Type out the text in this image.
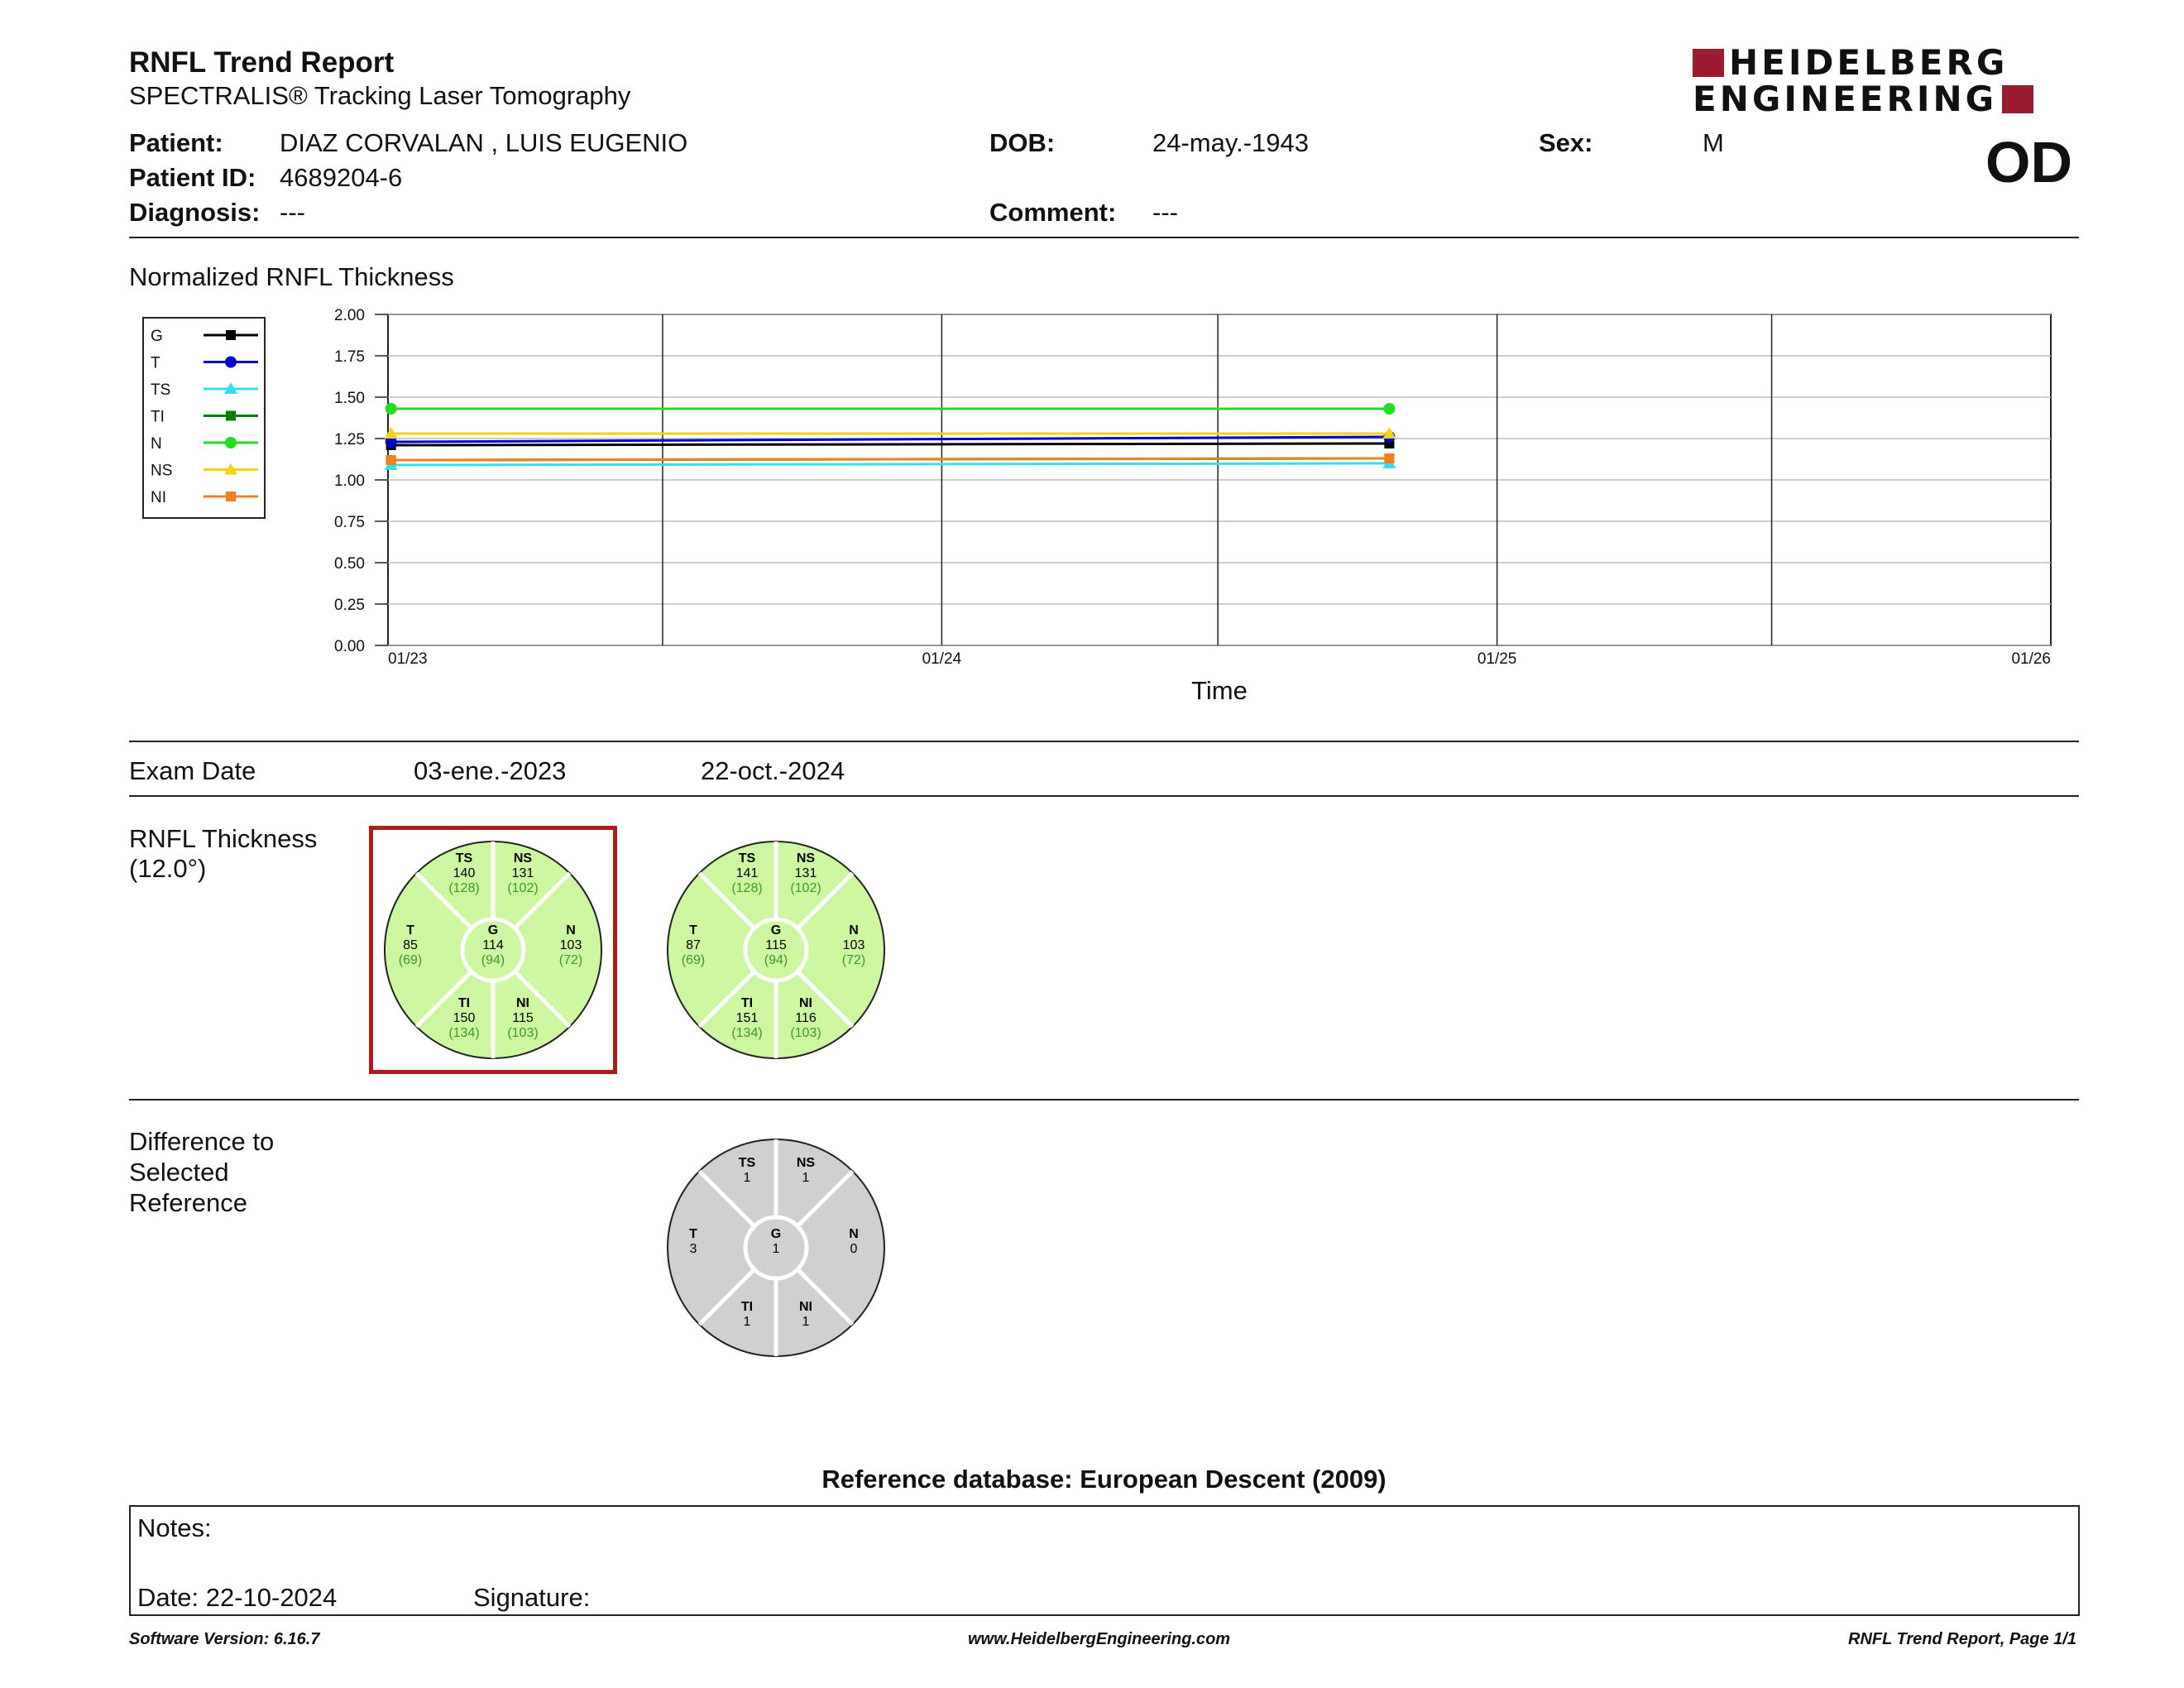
RNFL Trend Report
SPECTRALIS® Tracking Laser Tomography
HEIDELBERG
ENGINEERING
OD
Patient: DIAZ CORVALAN , LUIS EUGENIO
Patient ID: 4689204-6
Diagnosis: ---
DOB:	24-may.-1943
Comment: ---
Sex:	M
Normalized RNFL Thickness
G
T
TS
TI
N
NS
NI
2.00
1.75
1.50
1.25
1.00
0.75
0.50
0.25
0.00
01/23	01/24	01/25	01/26
Time
Exam Date	03-ene.-2023	22-oct.-2024
RNFL Thickness
(12.0°)	TS
140
(128)
NS
131
(102)
T
85
(69)
G
114
(94)
N
103
(72)
TI
150
(134)
NI
115
(103)
TS
141
(128)
NS
131
(102)
T
87
(69)
G
115
(94)
N
103
(72)
TI
151
(134)
NI
116
(103)
Difference to
Selected
Reference
TS
1
NS
1
T
3
G
1
N
0
TI
1
NI
1
Reference database: European Descent (2009)
Notes:
Date: 22-10-2024	Signature:
Software Version: 6.16.7	www.HeidelbergEngineering.com	RNFL Trend Report, Page 1/1
